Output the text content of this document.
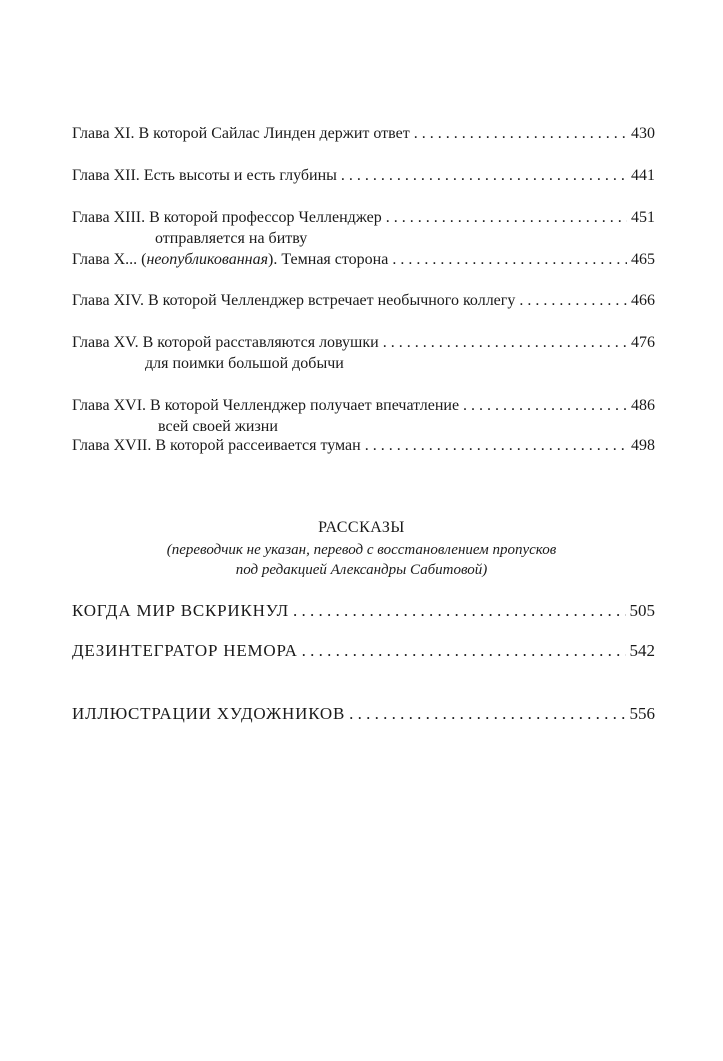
Глава XI. В которой Сайлас Линден держит ответ . . .	430
Глава XII. Есть высоты и есть глубины . . .	441
Глава XIII. В которой профессор Челленджер . . .	451
отправляется на битву
Глава X... (неопубликованная). Темная сторона . . .	465
Глава XIV. В которой Челленджер встречает необычного коллегу . . .	466
Глава XV. В которой расставляются ловушки . . .	476
для поимки большой добычи
Глава XVI. В которой Челленджер получает впечатление . . .	486
всей своей жизни
Глава XVII. В которой рассеивается туман . . .	498
РАССКАЗЫ
(переводчик не указан, перевод с восстановлением пропусков
под редакцией Александры Сабитовой)
КОГДА МИР ВСКРИКНУЛ . . .	505
ДЕЗИНТЕГРАТОР НЕМОРА . . .	542
ИЛЛЮСТРАЦИИ ХУДОЖНИКОВ . . .	556
